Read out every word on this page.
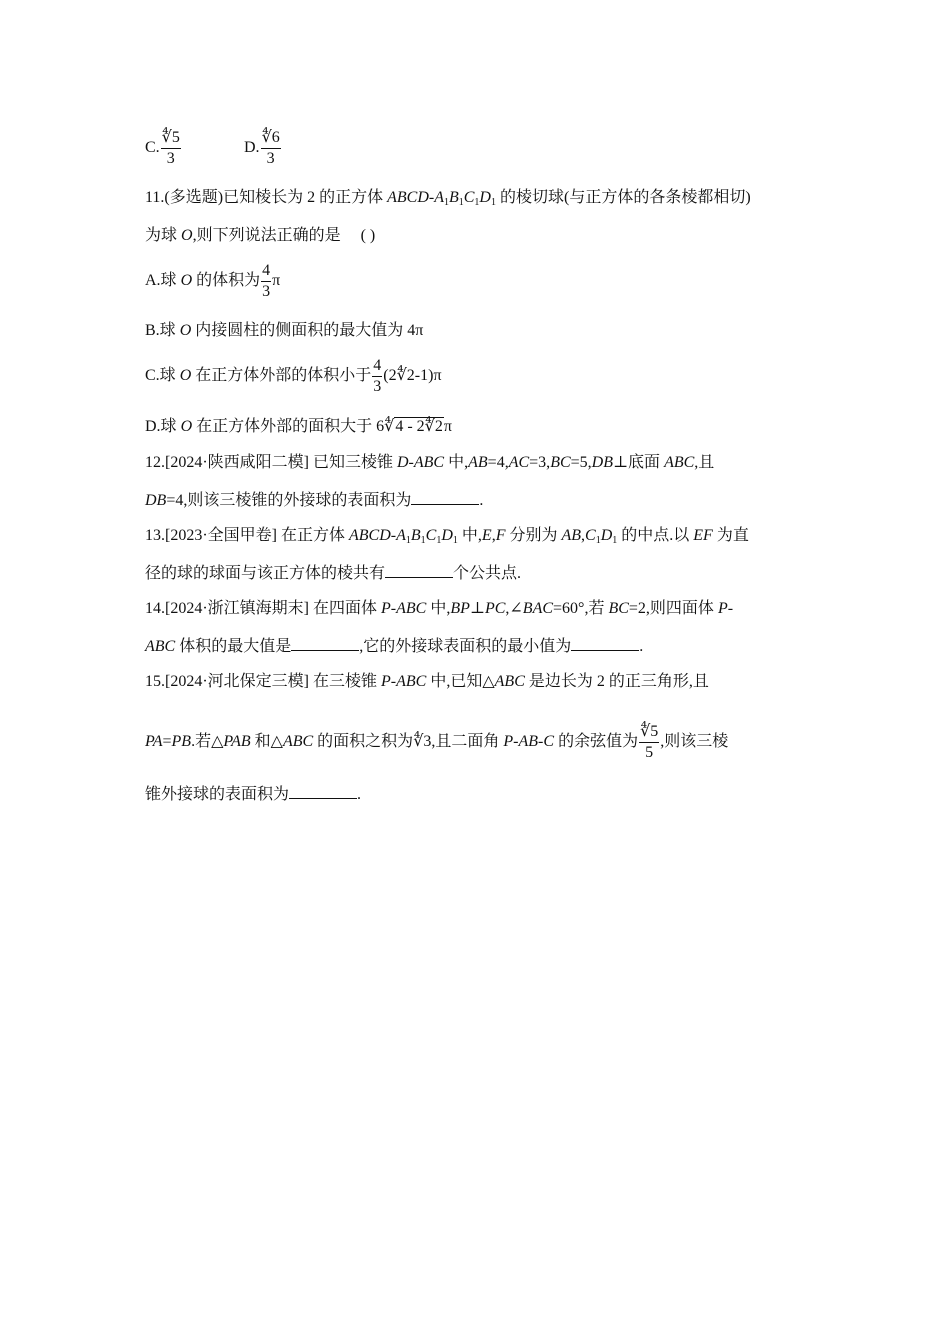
C. $\frac{∜5}{3}$	D. $\frac{∜6}{3}$
11.(多选题)已知棱长为 2 的正方体 ABCD-$A_1B_1C_1D_1$ 的棱切球(与正方体的各条棱都相切)
为球 O,则下列说法正确的是 ( )
A.球 O 的体积为 $\frac{4}{3}$ π
B.球 O 内接圆柱的侧面积的最大值为 4π
C.球 O 在正方体外部的体积小于 $\frac{4}{3}$ (2∜2-1)π
D.球 O 在正方体外部的面积大于 6∜4 - 2∜2π
12.[2024·陕西咸阳二模] 已知三棱锥 D-ABC 中,AB=4,AC=3,BC=5,DB⊥底面 ABC,且
DB=4,则该三棱锥的外接球的表面积为	.
13.[2023·全国甲卷] 在正方体 ABCD-$A_1B_1C_1D_1$ 中,E,F 分别为 $AB,C_1D_1$ 的中点.以 EF 为直
径的球的球面与该正方体的棱共有	个公共点.
14.[2024·浙江镇海期末] 在四面体 P-ABC 中,BP⊥PC,∠BAC=60°,若 BC=2,则四面体 P-
ABC 体积的最大值是	,它的外接球表面积的最小值为	.
15.[2024·河北保定三模] 在三棱锥 P-ABC 中,已知△ABC 是边长为 2 的正三角形,且
PA=PB.若△PAB 和△ABC 的面积之积为∜3,且二面角 P-AB-C 的余弦值为 $\frac{∜5}{5}$ ,则该三棱
锥外接球的表面积为	.
